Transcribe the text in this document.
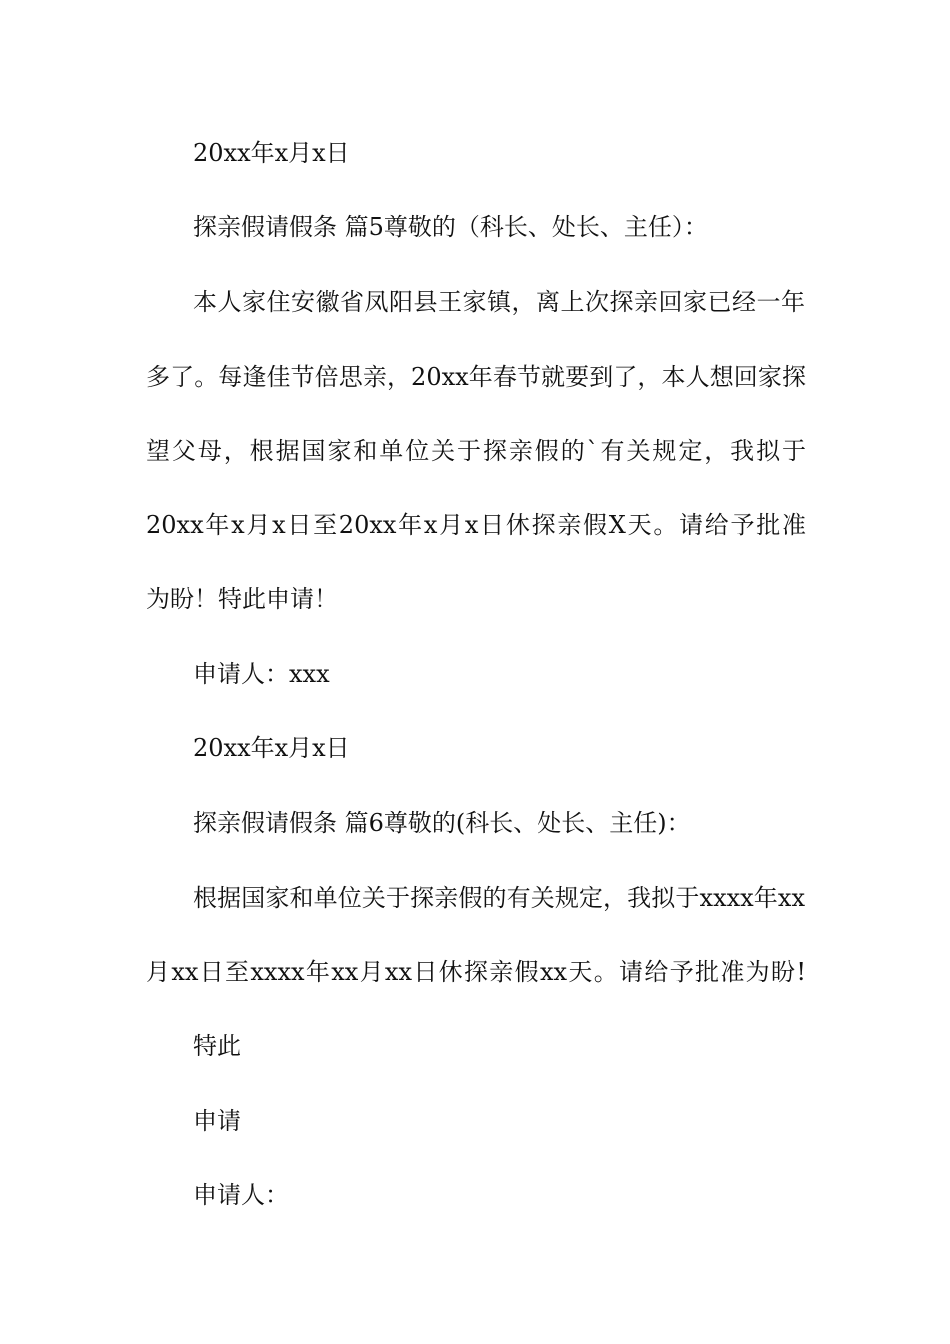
20xx年x月x日
探亲假请假条 篇5尊敬的（科长、处长、主任）：
本人家住安徽省凤阳县王家镇，离上次探亲回家已经一年
多了。每逢佳节倍思亲，20xx年春节就要到了，本人想回家探
望父母，根据国家和单位关于探亲假的`有关规定，我拟于
20xx年x月x日至20xx年x月x日休探亲假X天。请给予批准
为盼！特此申请！
申请人：xxx
20xx年x月x日
探亲假请假条 篇6尊敬的(科长、处长、主任)：
根据国家和单位关于探亲假的有关规定，我拟于xxxx年xx
月xx日至xxxx年xx月xx日休探亲假xx天。请给予批准为盼!
特此
申请
申请人：
